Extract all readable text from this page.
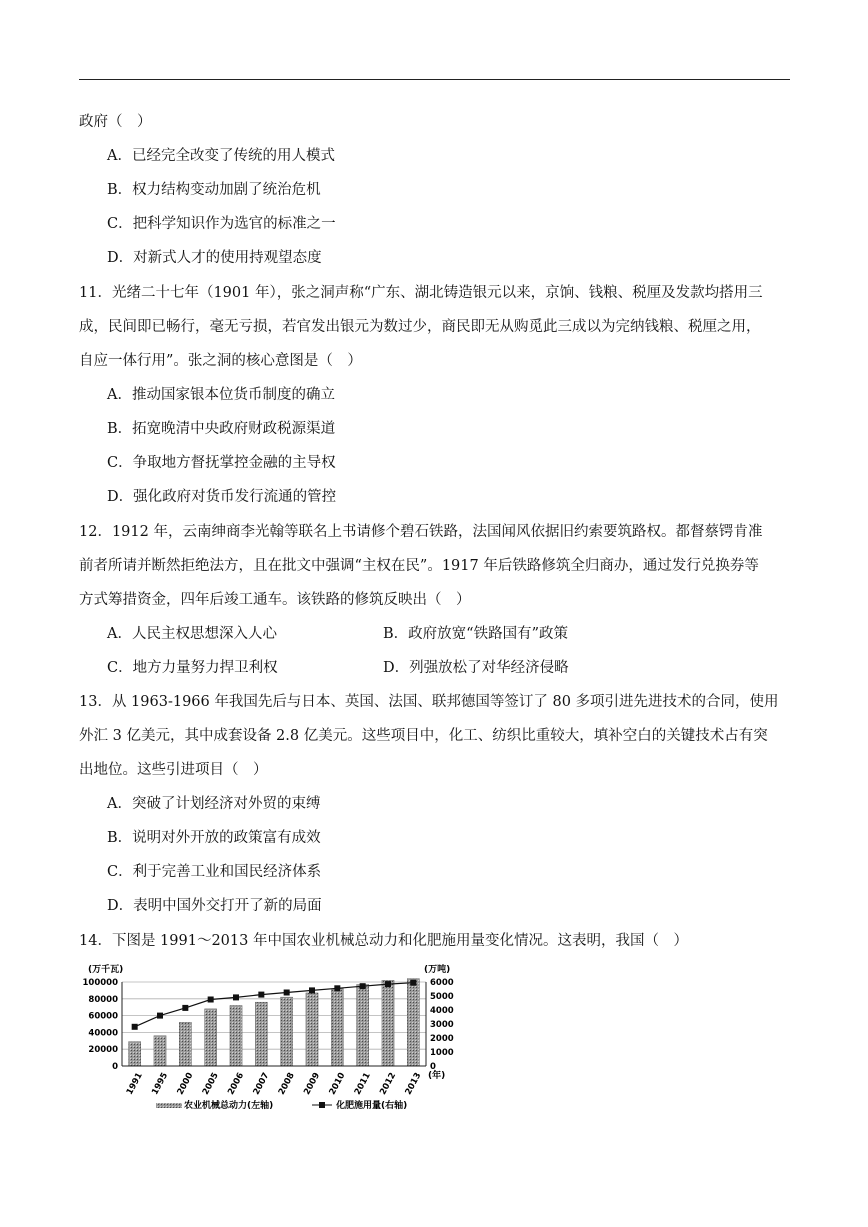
政府（　）
A．已经完全改变了传统的用人模式
B．权力结构变动加剧了统治危机
C．把科学知识作为选官的标准之一
D．对新式人才的使用持观望态度
11．光绪二十七年（1901 年），张之洞声称“广东、湖北铸造银元以来，京饷、钱粮、税厘及发款均搭用三
成，民间即已畅行，毫无亏损，若官发出银元为数过少，商民即无从购觅此三成以为完纳钱粮、税厘之用，
自应一体行用”。张之洞的核心意图是（　）
A．推动国家银本位货币制度的确立
B．拓宽晚清中央政府财政税源渠道
C．争取地方督抚掌控金融的主导权
D．强化政府对货币发行流通的管控
12．1912 年，云南绅商李光翰等联名上书请修个碧石铁路，法国闻风依据旧约索要筑路权。都督蔡锷肯准
前者所请并断然拒绝法方，且在批文中强调“主权在民”。1917 年后铁路修筑全归商办，通过发行兑换券等
方式筹措资金，四年后竣工通车。该铁路的修筑反映出（　）
A．人民主权思想深入人心	B．政府放宽“铁路国有”政策
C．地方力量努力捍卫利权	D．列强放松了对华经济侵略
13．从 1963-1966 年我国先后与日本、英国、法国、联邦德国等签订了 80 多项引进先进技术的合同，使用
外汇 3 亿美元，其中成套设备 2.8 亿美元。这些项目中，化工、纺织比重较大，填补空白的关键技术占有突
出地位。这些引进项目（　）
A．突破了计划经济对外贸的束缚
B．说明对外开放的政策富有成效
C．利于完善工业和国民经济体系
D．表明中国外交打开了新的局面
14．下图是 1991～2013 年中国农业机械总动力和化肥施用量变化情况。这表明，我国（　）
0
20000
40000
60000
80000
100000
0
1000
2000
3000
4000
5000
6000
(万千瓦)	(万吨)
(年)
1991 1995 2000 2005 2006 2007 2008 2009 2010 2011 2012 2013
农业机械总动力(左轴)	化肥施用量(右轴)
